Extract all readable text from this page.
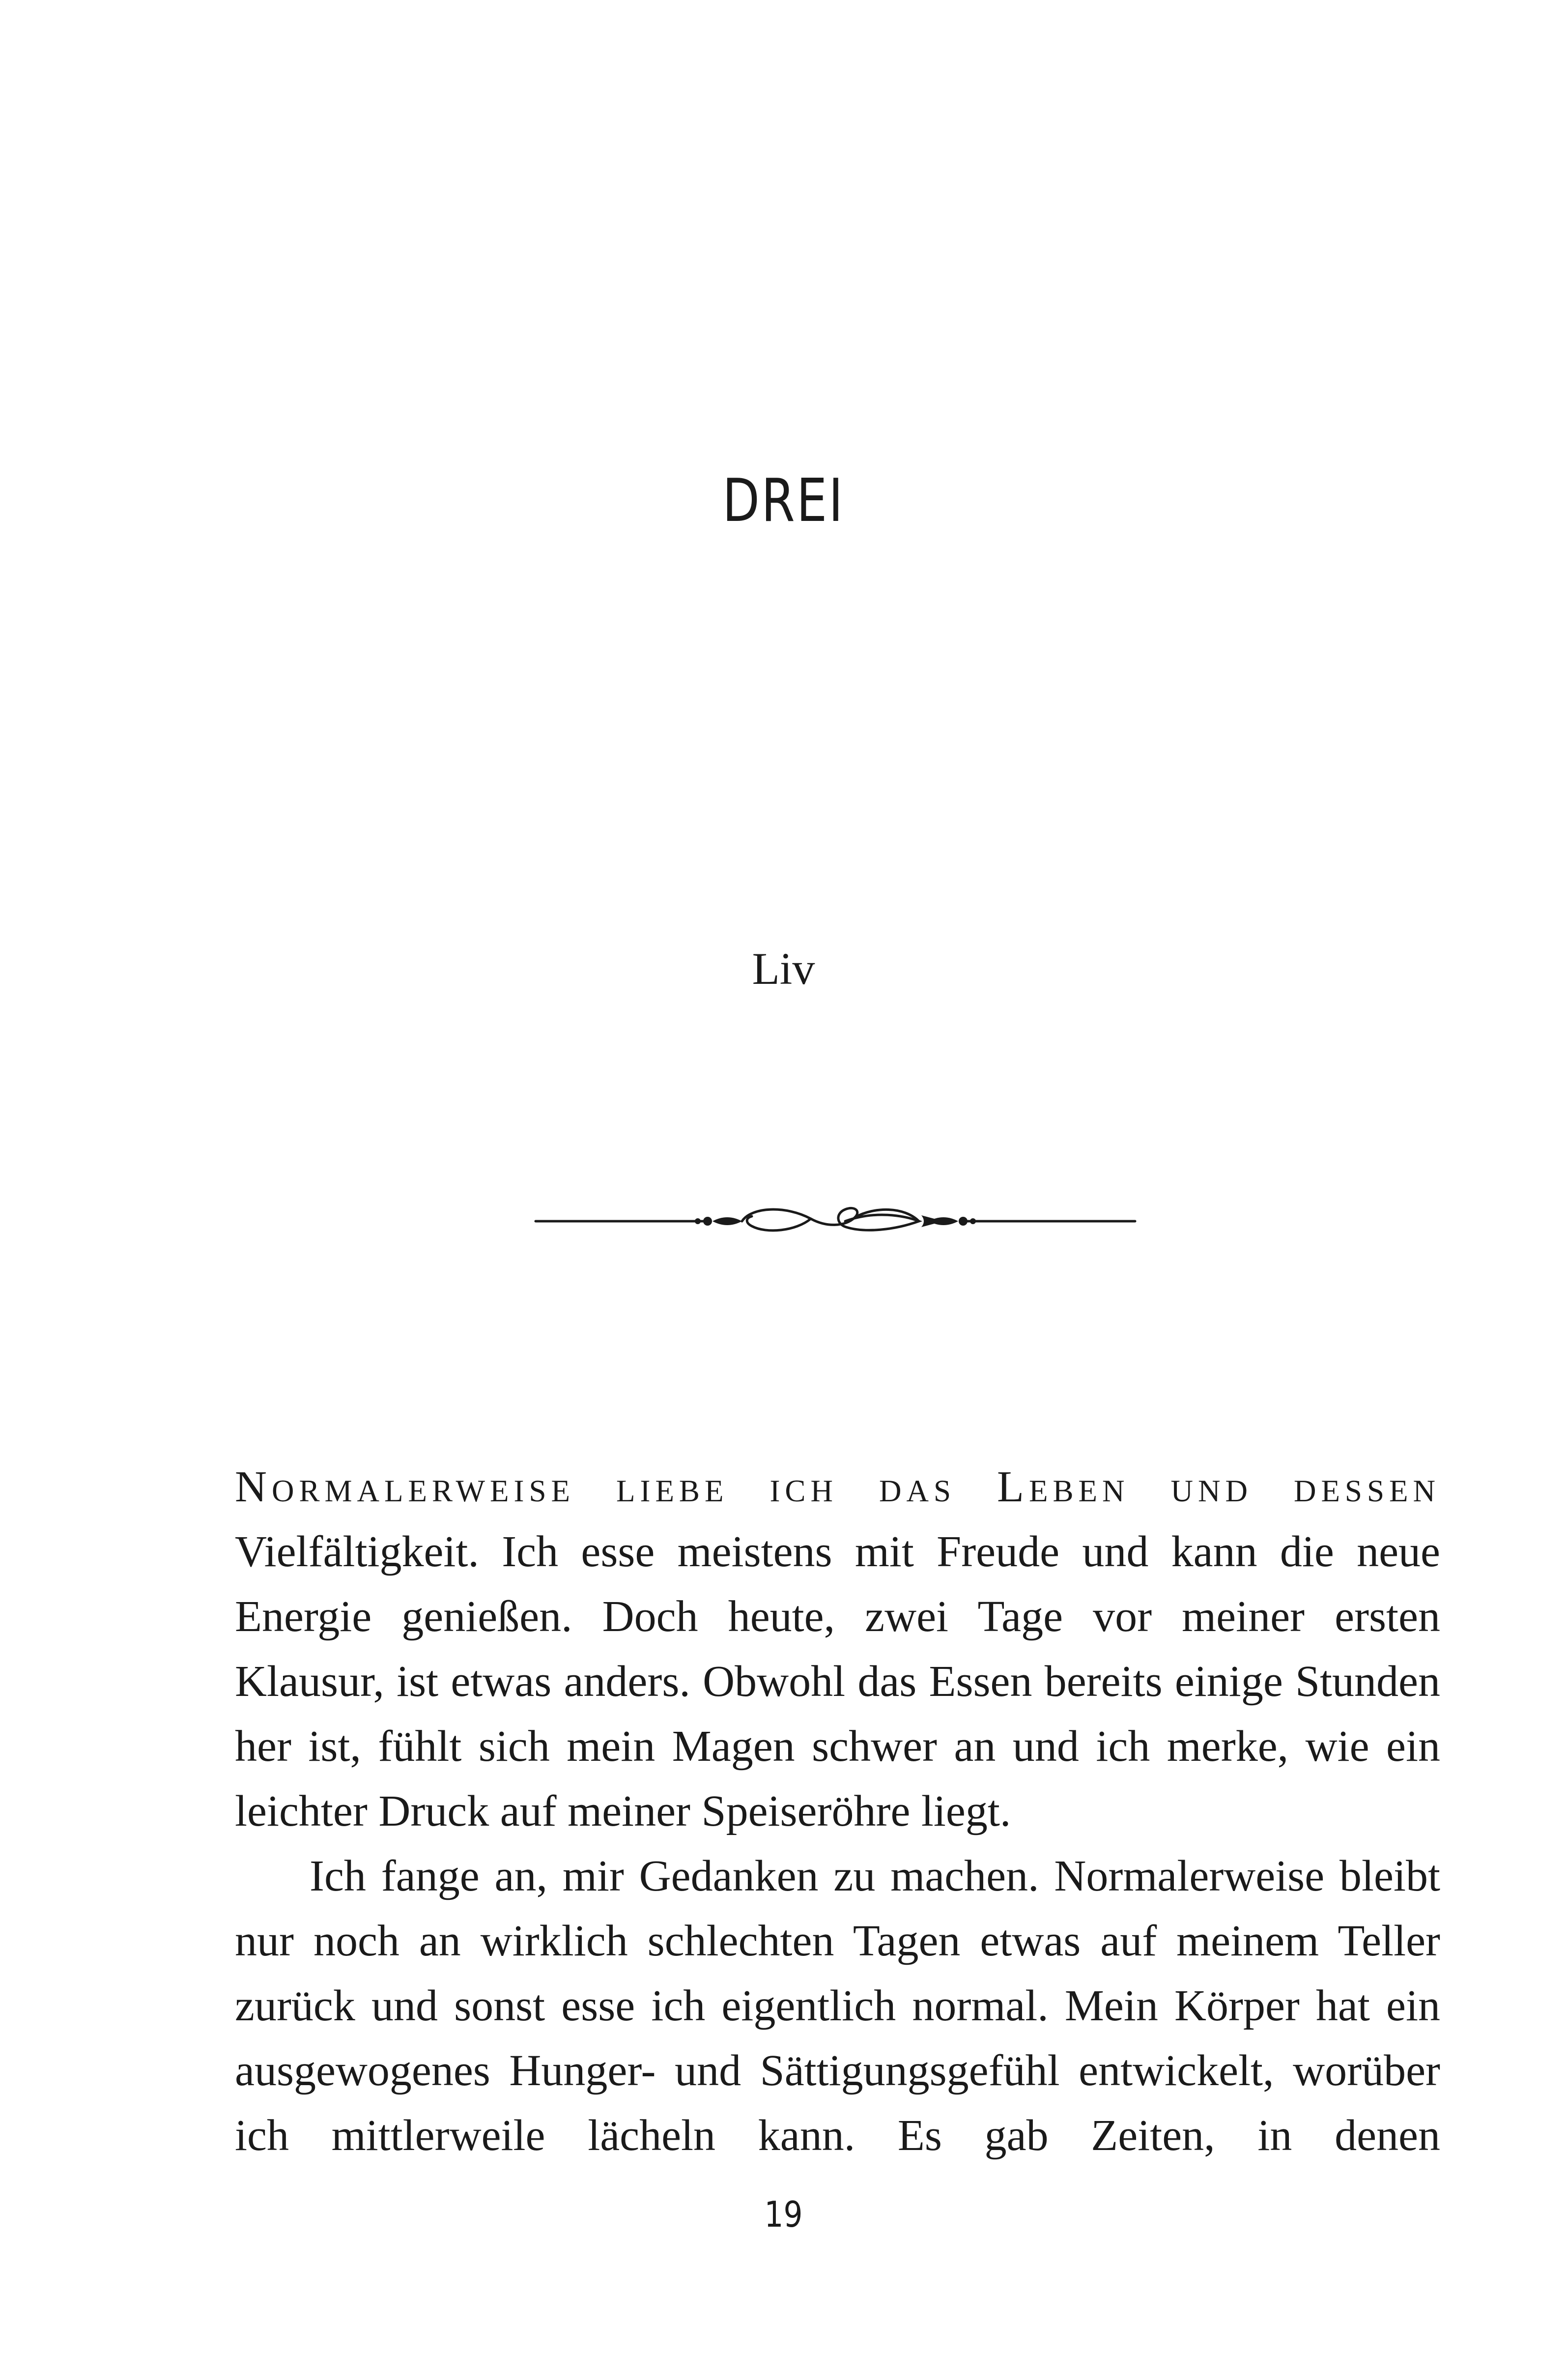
DREI
Liv

Normalerweise liebe ich das Leben und dessen Vielfältigkeit. Ich esse meistens mit Freude und kann die neue Energie genießen. Doch heute, zwei Tage vor meiner ersten Klausur, ist etwas anders. Obwohl das Essen bereits einige Stunden her ist, fühlt sich mein Magen schwer an und ich merke, wie ein leichter Druck auf meiner Speiseröhre liegt.

Ich fange an, mir Gedanken zu machen. Normalerweise bleibt nur noch an wirklich schlechten Tagen etwas auf meinem Teller zurück und sonst esse ich eigentlich normal. Mein Körper hat ein ausgewogenes Hunger- und Sättigungsgefühl entwickelt, worüber ich mittlerweile lächeln kann. Es gab Zeiten, in denen

19
